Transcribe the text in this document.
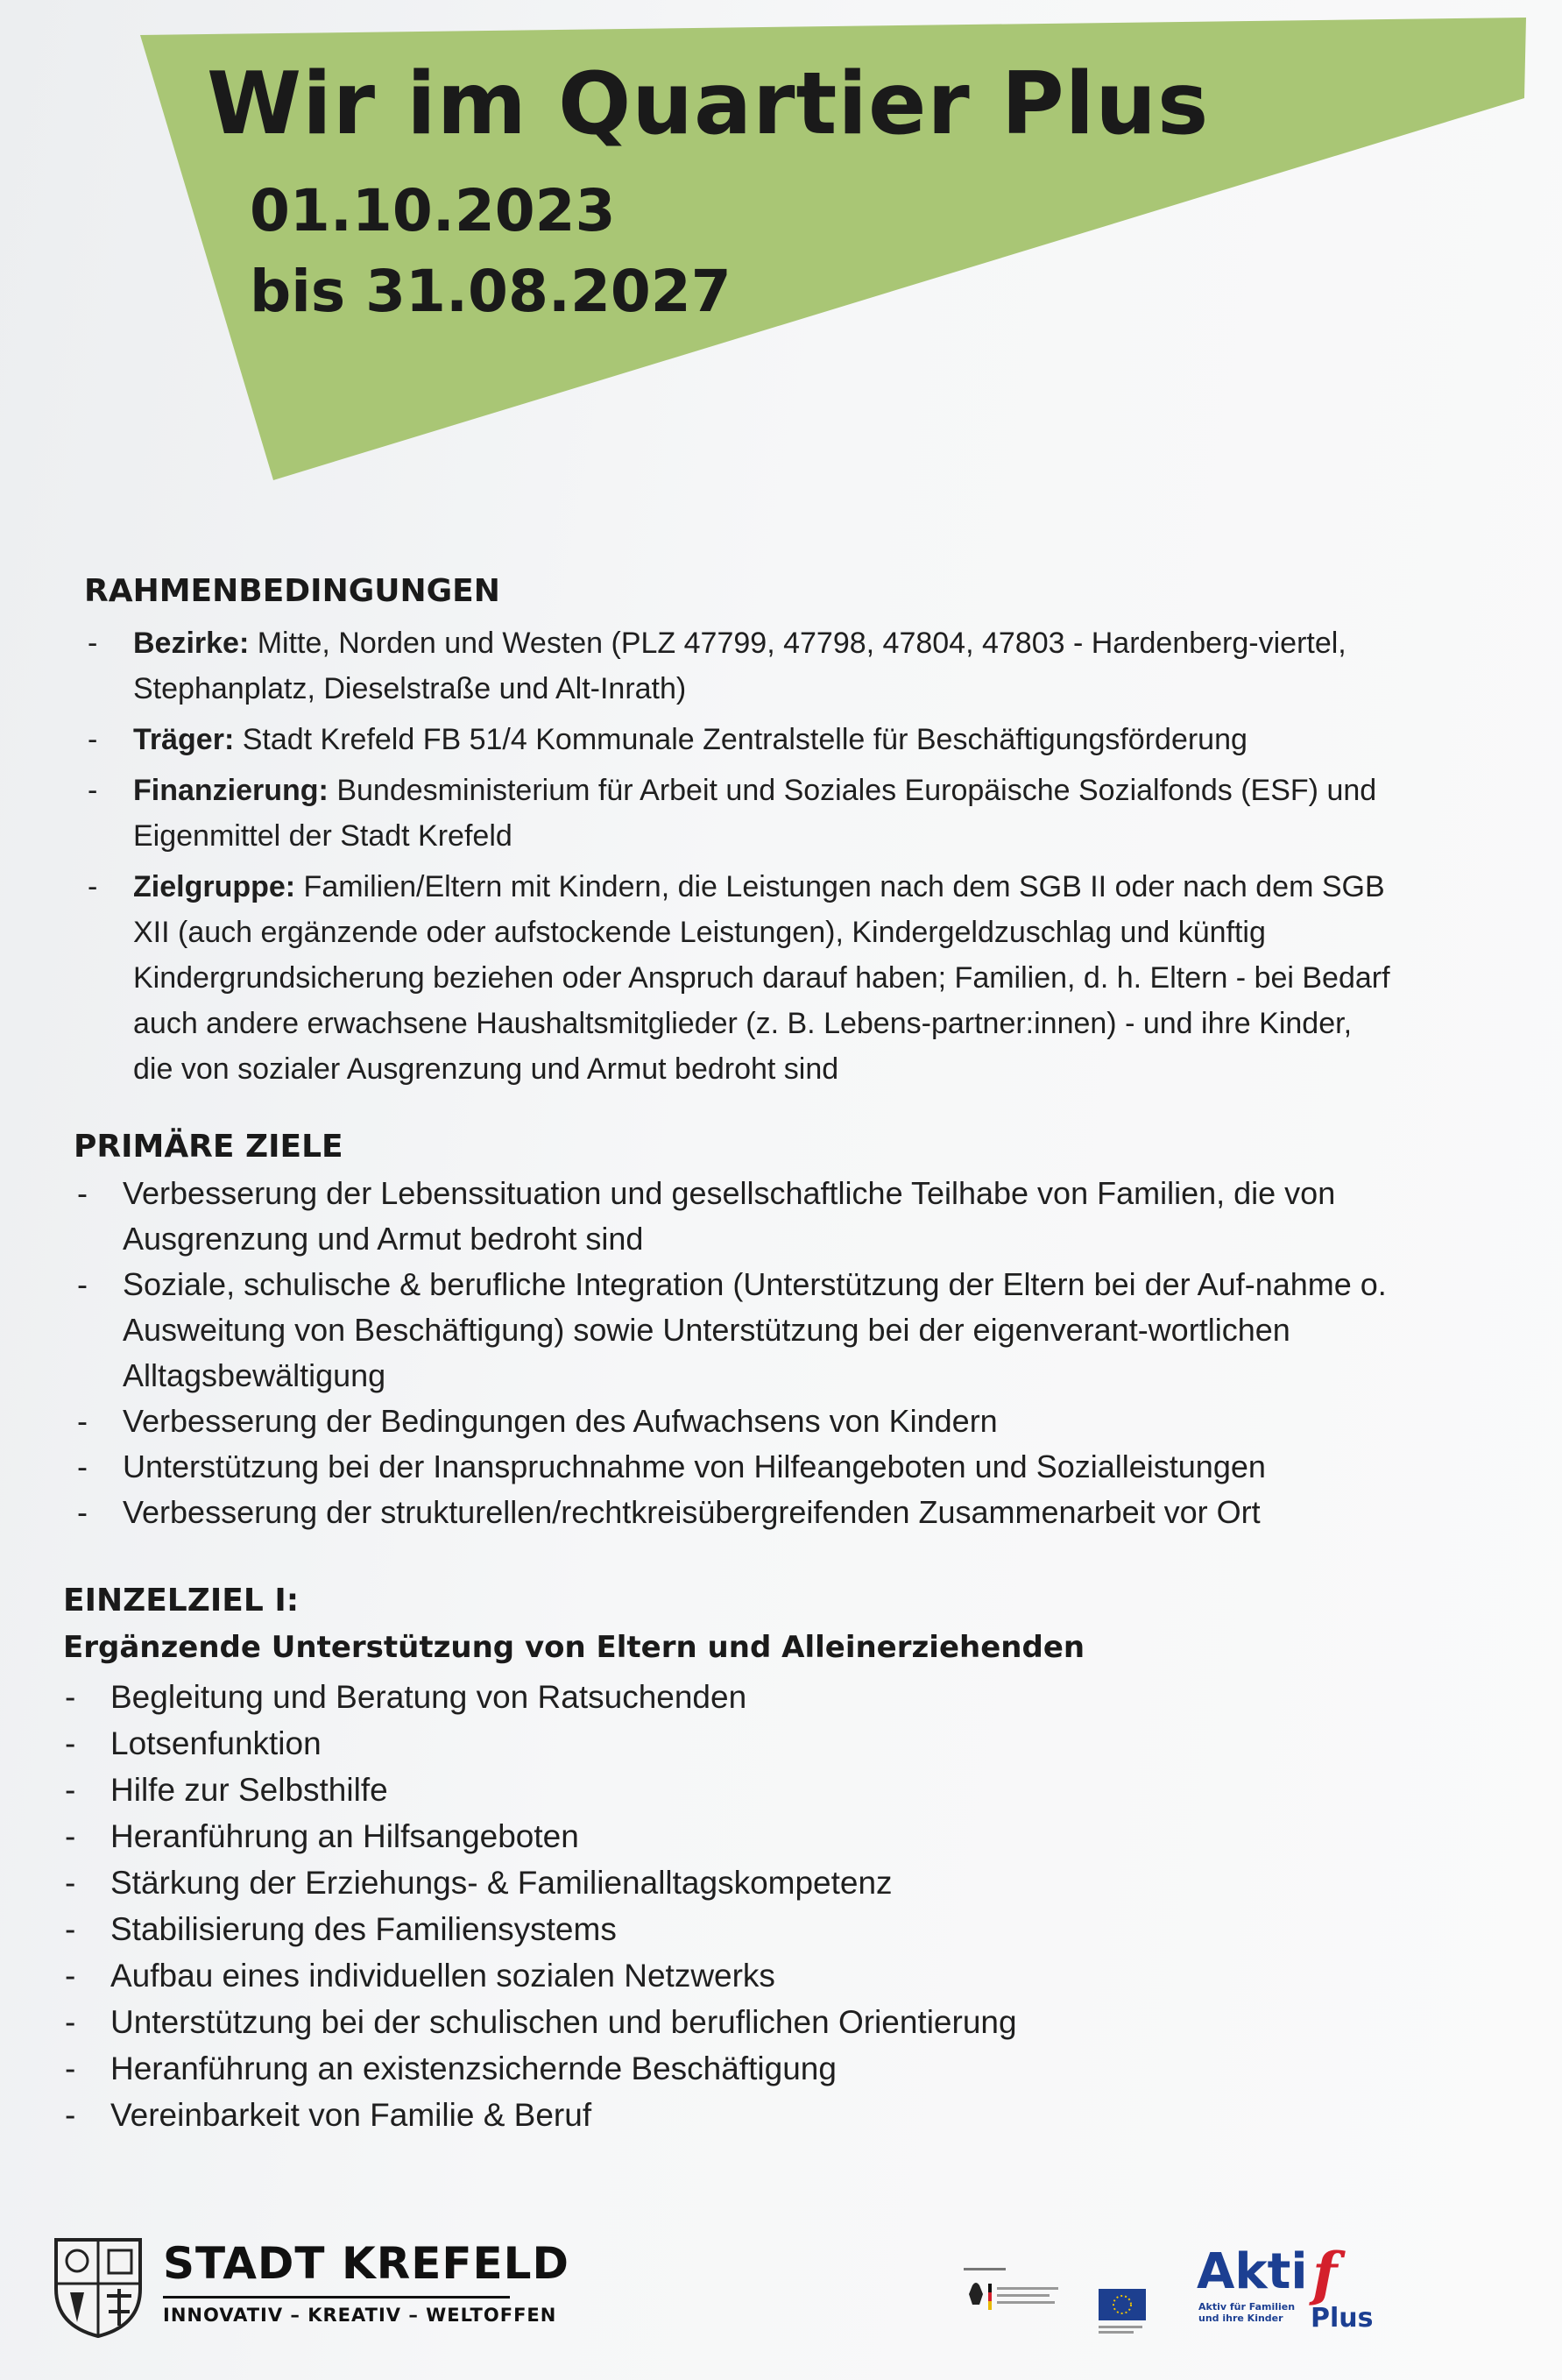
Wir im Quartier Plus
01.10.2023
bis 31.08.2027
RAHMENBEDINGUNGEN
- Bezirke: Mitte, Norden und Westen (PLZ 47799, 47798, 47804, 47803 - Hardenberg-viertel, Stephanplatz, Dieselstraße und Alt-Inrath)
- Träger: Stadt Krefeld FB 51/4 Kommunale Zentralstelle für Beschäftigungsförderung
- Finanzierung: Bundesministerium für Arbeit und Soziales Europäische Sozialfonds (ESF) und Eigenmittel der Stadt Krefeld
- Zielgruppe: Familien/Eltern mit Kindern, die Leistungen nach dem SGB II oder nach dem SGB XII (auch ergänzende oder aufstockende Leistungen), Kindergeldzuschlag und künftig Kindergrundsicherung beziehen oder Anspruch darauf haben; Familien, d. h. Eltern - bei Bedarf auch andere erwachsene Haushaltsmitglieder (z. B. Lebens-partner:innen) - und ihre Kinder, die von sozialer Ausgrenzung und Armut bedroht sind
PRIMÄRE ZIELE
- Verbesserung der Lebenssituation und gesellschaftliche Teilhabe von Familien, die von Ausgrenzung und Armut bedroht sind
- Soziale, schulische & berufliche Integration (Unterstützung der Eltern bei der Auf-nahme o. Ausweitung von Beschäftigung) sowie Unterstützung bei der eigenverant-wortlichen Alltagsbewältigung
- Verbesserung der Bedingungen des Aufwachsens von Kindern
- Unterstützung bei der Inanspruchnahme von Hilfeangeboten und Sozialleistungen
- Verbesserung der strukturellen/rechtkreisübergreifenden Zusammenarbeit vor Ort
EINZELZIEL I:
Ergänzende Unterstützung von Eltern und Alleinerziehenden
- Begleitung und Beratung von Ratsuchenden
- Lotsenfunktion
- Hilfe zur Selbsthilfe
- Heranführung an Hilfsangeboten
- Stärkung der Erziehungs- & Familienalltagskompetenz
- Stabilisierung des Familiensystems
- Aufbau eines individuellen sozialen Netzwerks
- Unterstützung bei der schulischen und beruflichen Orientierung
- Heranführung an existenzsichernde Beschäftigung
- Vereinbarkeit von Familie & Beruf
STADT KREFELD
INNOVATIV – KREATIV – WELTOFFEN
Akti f
Aktiv für Familien
und ihre Kinder	Plus
